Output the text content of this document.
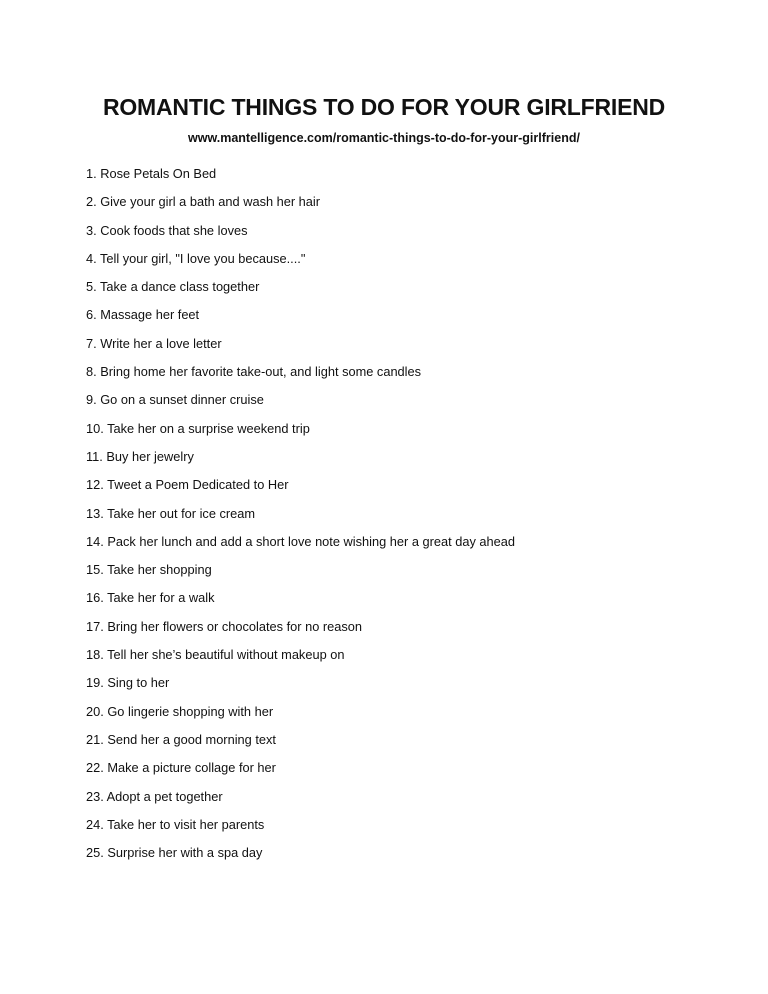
ROMANTIC THINGS TO DO FOR YOUR GIRLFRIEND

www.mantelligence.com/romantic-things-to-do-for-your-girlfriend/

1. Rose Petals On Bed
2. Give your girl a bath and wash her hair
3. Cook foods that she loves
4. Tell your girl, "I love you because...."
5. Take a dance class together
6. Massage her feet
7. Write her a love letter
8. Bring home her favorite take-out, and light some candles
9. Go on a sunset dinner cruise
10. Take her on a surprise weekend trip
11. Buy her jewelry
12. Tweet a Poem Dedicated to Her
13. Take her out for ice cream
14. Pack her lunch and add a short love note wishing her a great day ahead
15. Take her shopping
16. Take her for a walk
17. Bring her flowers or chocolates for no reason
18. Tell her she’s beautiful without makeup on
19. Sing to her
20. Go lingerie shopping with her
21. Send her a good morning text
22. Make a picture collage for her
23. Adopt a pet together
24. Take her to visit her parents
25. Surprise her with a spa day
